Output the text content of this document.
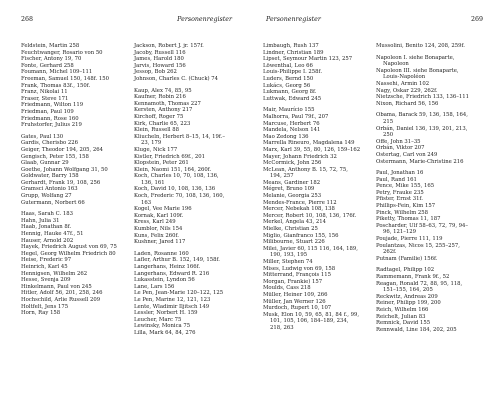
268	Personenregister
Feldstein, Martin 258
Feuchtwanger, Rosario von 50
Fischer, Antony 19, 70
Fonte, Gerhard 258
Foumann, Michel 109–111
Freeman, Samuel 150, 148f. 150
Frank, Thomas 83f., 150f.
Franz, Nikolai 11
Fraser, Steve 171
Friedmann, Wilton 119
Friedman, Paul 109
Friedmann, Rose 160
Fruhstorfer, Julius 219
Gates, Paul 130
Gardis, Cherisbo 226
Geiger, Theodor 194, 205, 264
Gengisch, Peter 155, 158
Glaab, Gunnar 29
Goethe, Johann Wolfgang 31, 50
Goldwater, Barry 158
Gerhardt, Frank 19, 108, 256
Gramsci Antonio 163
Grupp, Wolfang 27
Gutermann, Norbert 66
Haas, Sarah C. 183
Hahn, Julia 31
Haab, Jonathan 8f.
Hennig, Hauke 47f., 51
Hauser, Arnold 202
Hayek, Friedrich August von 69, 75
Hegel, Georg Wilhelm Friedrich 80
Heise, Frederic 97
Heinrich, Karl 45
Hennigsen, Wilhelm 262
Hesse, Svenja 209
Hinkelmann, Paul von 245
Hitler, Adolf 56, 201, 258, 246
Hochschild, Arlie Russell 209
Holtfelt, Jens 175
Horn, Ray 158
Jackson, Robert J. jr. 157f.
Jacoby, Russell 116
James, Harold 180
Jarvis, Howard 156
Jessop, Bob 262
Johnson, Charles C. (Chuck) 74
Kaup, Alex 74, 85, 95
Kaufner, Robin 216
Kennamoth, Thomas 227
Kersten, Anthony 217
Kirchoff, Roger 75
Kirk, Charlie 65, 223
Klein, Russell 88
Kliucheln, Herbert 8–15, 14, 19f.–23, 179
Kluge, Nick 177
Kistler, Friedrich 69f., 201
Klopstein, Peter 261
Klein, Naomi 151, 164, 260f.
Koch, Charles 10, 70, 108, 136, 136, 161
Koch, David 10, 108, 136, 136
Koch, Frederic 70, 108, 136, 160, 163
Kogel, Vee Marie 196
Kornak, Karl 109f.
Kress, Karl 249
Kumblor, Nils 154
Kuns, Felix 260f.
Kushner, Jared 117
Laden, Rosanne 160
Lafler, Arthur B. 152, 149, 158f.
Langerhans, Heinz 166f.
Langerhans, Edward R. 216
Lukasstein, Lyndon 56
Lane, Lars 156
Le Pen, Jean-Marie 120–122, 125
Le Pen, Marine 12, 121, 123
Lente, Wladimir Iljitsch 149
Lessler, Norbert H. 159
Leucher, Marc 75
Lewinsky, Monica 75
Lilla, Mark 64, 84, 276
Personenregister	269
Limbaugh, Rush 137
Lindner, Christian 189
Lipset, Seymour Martin 123, 257
Löwenthal, Leo 66
Louis-Philippe I. 258f.
Luders, Bernd 150
Lukács, Georg 56
Lukmann, Georg 8f.
Luttwak, Edward 245
Mair, Maurício 155
Malhorra, Paul 79f., 207
Marcuse, Herbert 76
Mandela, Nelson 141
Mao Zedong 136
Marrella Rineuro, Magdalena 149
Marx, Karl 39, 55, 80, 126, 159–162
Mayer, Johann Friedrich 32
McCormick, John 256
McLean, Anthony B. 15, 72, 75, 194, 257
Means, Gardiner 182
Mégret, Bruno 109
Melanie, Georgia 253
Mendes-France, Pierre 112
Mercer, Nebekah 108, 138
Mercer, Robert 10, 108, 136, 176f.
Merkel, Angela 43, 214
Mielke, Christian 25
Miglio, Gianfranco 155, 156
Milibourne, Stuart 226
Milei, Javier 60, 115 116, 164, 189, 190, 193, 195
Miller, Stephen 74
Mises, Ludwig von 69, 158
Mitterrand, François 115
Morgan, Frankie) 157
Moulds, Cass 218
Müller, Heiner 109, 266
Müller, Jan Werner 126
Murdoch, Rupert 10, 107
Musk, Elon 10, 59, 65, 81, 84 f., 99, 101, 105, 106, 184–189, 234, 218, 263
Mussolini, Benito 124, 208, 259f.
Napoleon I. siehe Bonaparte, Napoleon
Napoleon III. siehe Bonaparte, Louis-Napoléon
Nassehi, Armin 102
Nagy, Oskar 229, 262f.
Nietzsche, Friedrich 133, 136–111
Nixon, Richard 56, 156
Obama, Barack 59, 136, 158, 164, 215
Orbán, Daniel 136, 139, 201, 213, 250
Offe, John 31–35
Orbán, Viktor 207
Ostertag, Carl von 249
Ostermann, Marie-Christine 216
Paul, Jonathan 16
Paul, Rand 161
Pence, Mike 155, 165
Petry, Frauke 235
Pfister, Ernst 31f.
Phillips-Fein, Kim 157
Pinck, Wilhelm 258
Piketty, Thomas 11, 187
Poscharder, Ulf 58–63, 72, 79, 94–96, 121–129
Poujade, Pierre 111, 119
Poulantzas, Nicos 15, 255–257, 262f.
Putnam (Familie) 156f.
Radtagel, Philipp 102
Rammemann, Frank 9f., 52
Reagan, Ronald 72, 88, 95, 118, 151–155, 164, 205
Reckwitz, Andreas 209
Reiner, Philipp 199, 200
Reich, Wilhelm 166
Reichelt, Julian 83
Remnick, David 155
Rennwald, Line 184, 202, 205
